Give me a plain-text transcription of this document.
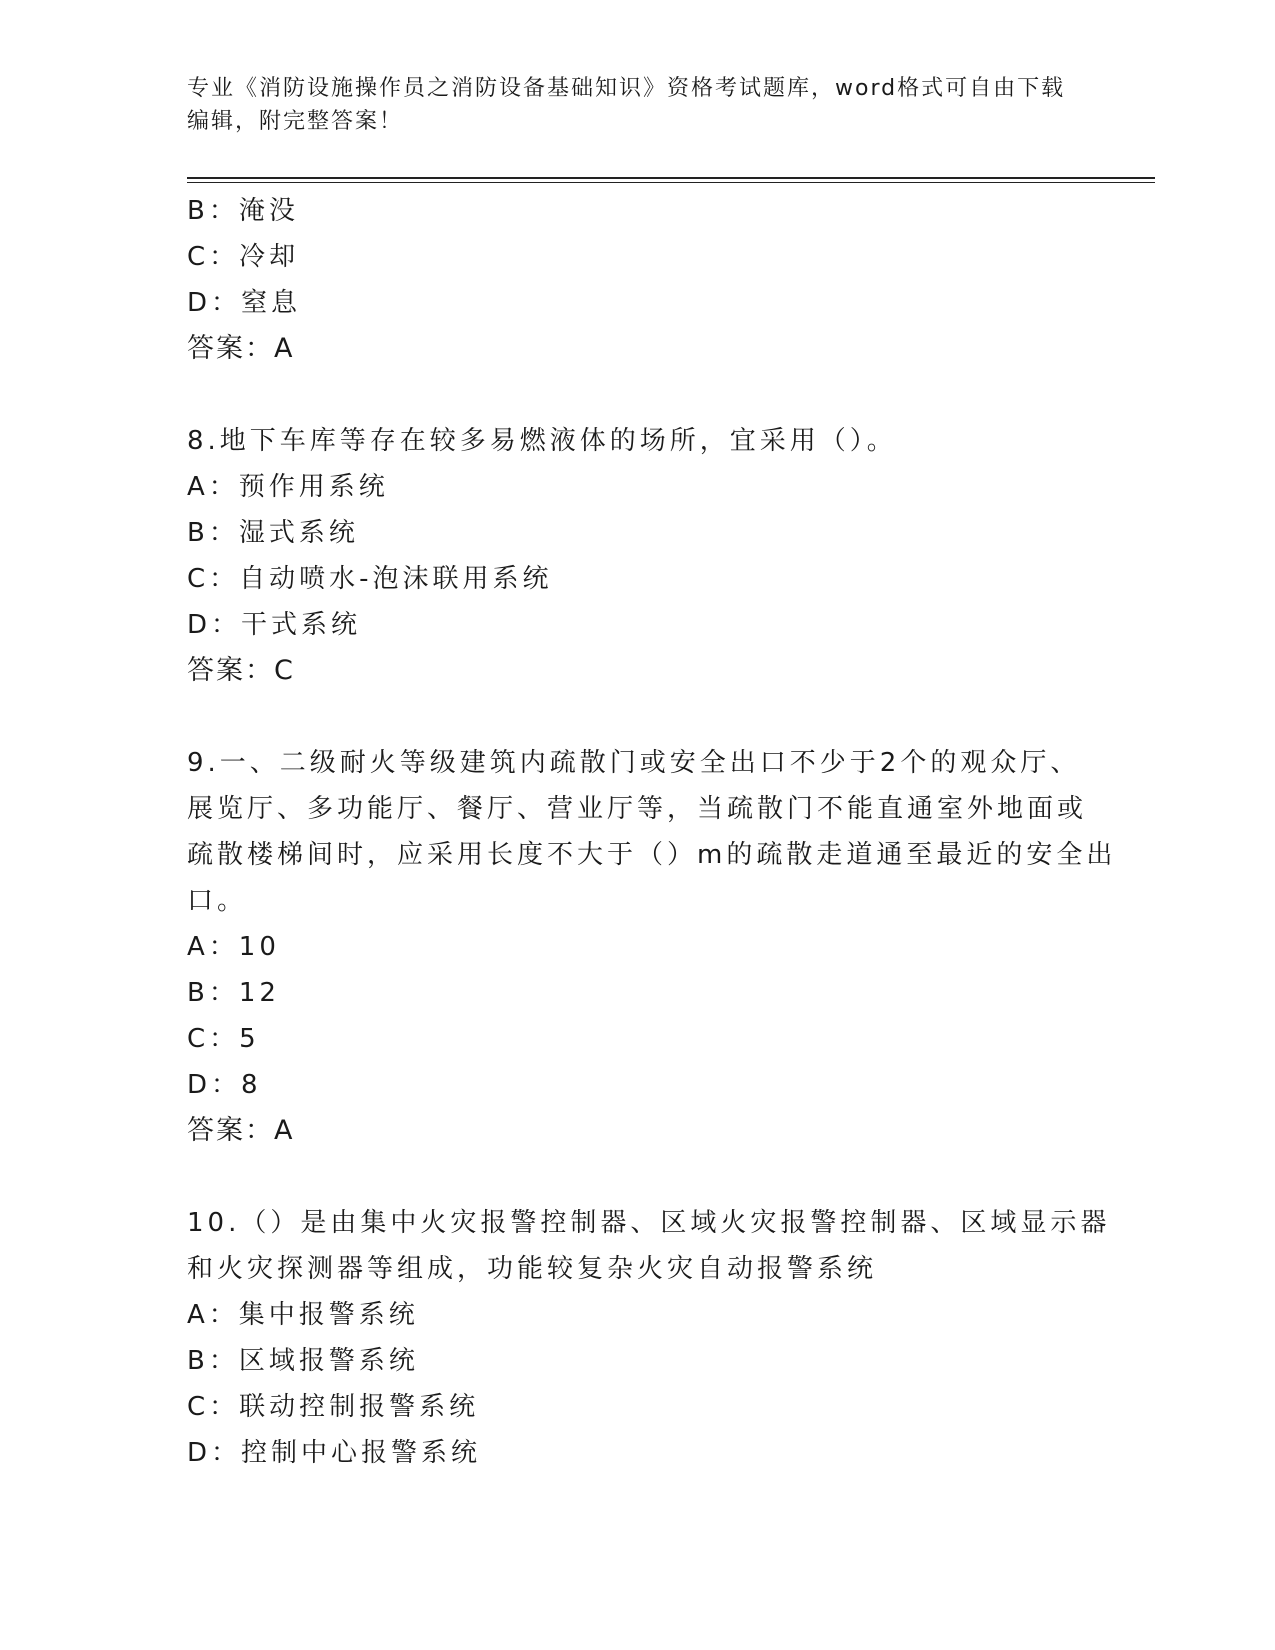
专业《消防设施操作员之消防设备基础知识》资格考试题库，word格式可自由下载编辑，附完整答案！
B：淹没
C：冷却
D：窒息
答案：A
8.地下车库等存在较多易燃液体的场所，宜采用（）。
A：预作用系统
B：湿式系统
C：自动喷水-泡沫联用系统
D：干式系统
答案：C
9.一、二级耐火等级建筑内疏散门或安全出口不少于2个的观众厅、
展览厅、多功能厅、餐厅、营业厅等，当疏散门不能直通室外地面或
疏散楼梯间时，应采用长度不大于（）m的疏散走道通至最近的安全出
口。
A：10
B：12
C：5
D：8
答案：A
10.（）是由集中火灾报警控制器、区域火灾报警控制器、区域显示器
和火灾探测器等组成，功能较复杂火灾自动报警系统
A：集中报警系统
B：区域报警系统
C：联动控制报警系统
D：控制中心报警系统
